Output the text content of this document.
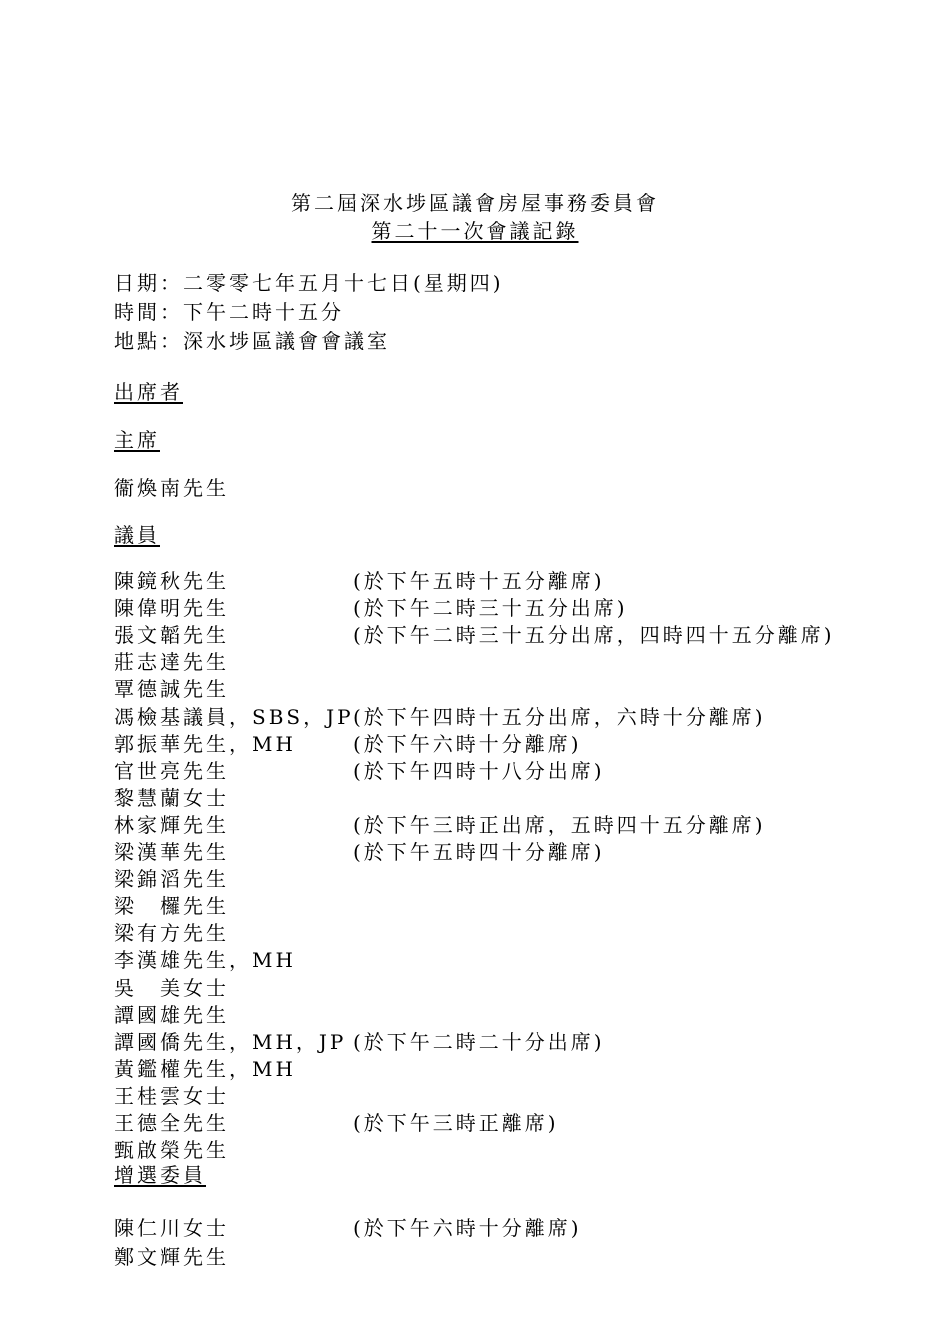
第二屆深水埗區議會房屋事務委員會
第二十一次會議記錄
日期：二零零七年五月十七日(星期四)
時間：下午二時十五分
地點：深水埗區議會會議室
出席者
主席
衞煥南先生
議員
陳鏡秋先生	(於下午五時十五分離席)
陳偉明先生	(於下午二時三十五分出席)
張文韜先生	(於下午二時三十五分出席，四時四十五分離席)
莊志達先生
覃德誠先生
馮檢基議員，SBS，JP (於下午四時十五分出席，六時十分離席)
郭振華先生，MH	(於下午六時十分離席)
官世亮先生	(於下午四時十八分出席)
黎慧蘭女士
林家輝先生	(於下午三時正出席，五時四十五分離席)
梁漢華先生	(於下午五時四十分離席)
梁錦滔先生
梁　欏先生
梁有方先生
李漢雄先生，MH
吳　美女士
譚國雄先生
譚國僑先生，MH，JP (於下午二時二十分出席)
黃鑑權先生，MH
王桂雲女士
王德全先生	(於下午三時正離席)
甄啟榮先生
增選委員
陳仁川女士	(於下午六時十分離席)
鄭文輝先生
